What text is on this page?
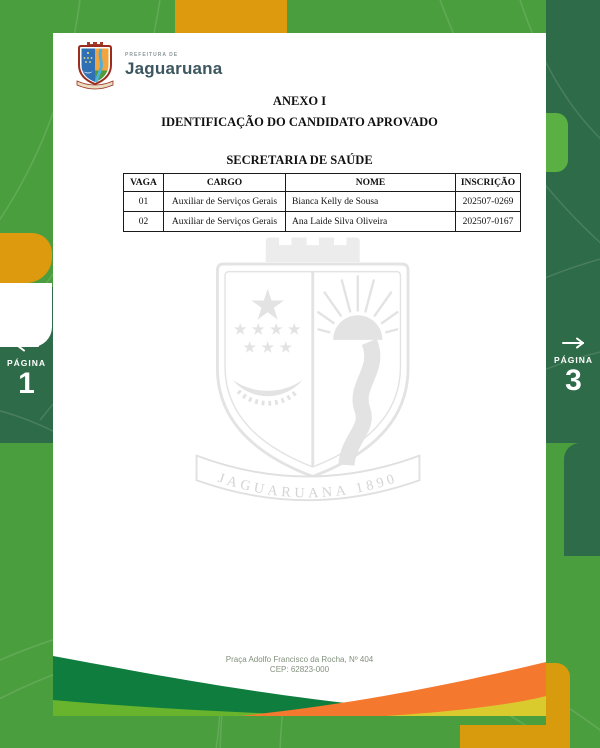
PREFEITURA DE
Jaguaruana
ANEXO I
IDENTIFICAÇÃO DO CANDIDATO APROVADO
SECRETARIA DE SAÚDE
VAGA	CARGO	NOME	INSCRIÇÃO
01	Auxiliar de Serviços Gerais	Bianca Kelly de Sousa	202507-0269
02	Auxiliar de Serviços Gerais	Ana Laide Silva Oliveira	202507-0167
JAGUARUANA 1890
Praça Adolfo Francisco da Rocha, Nº 404
CEP: 62823-000
PÁGINA
1
PÁGINA
3
